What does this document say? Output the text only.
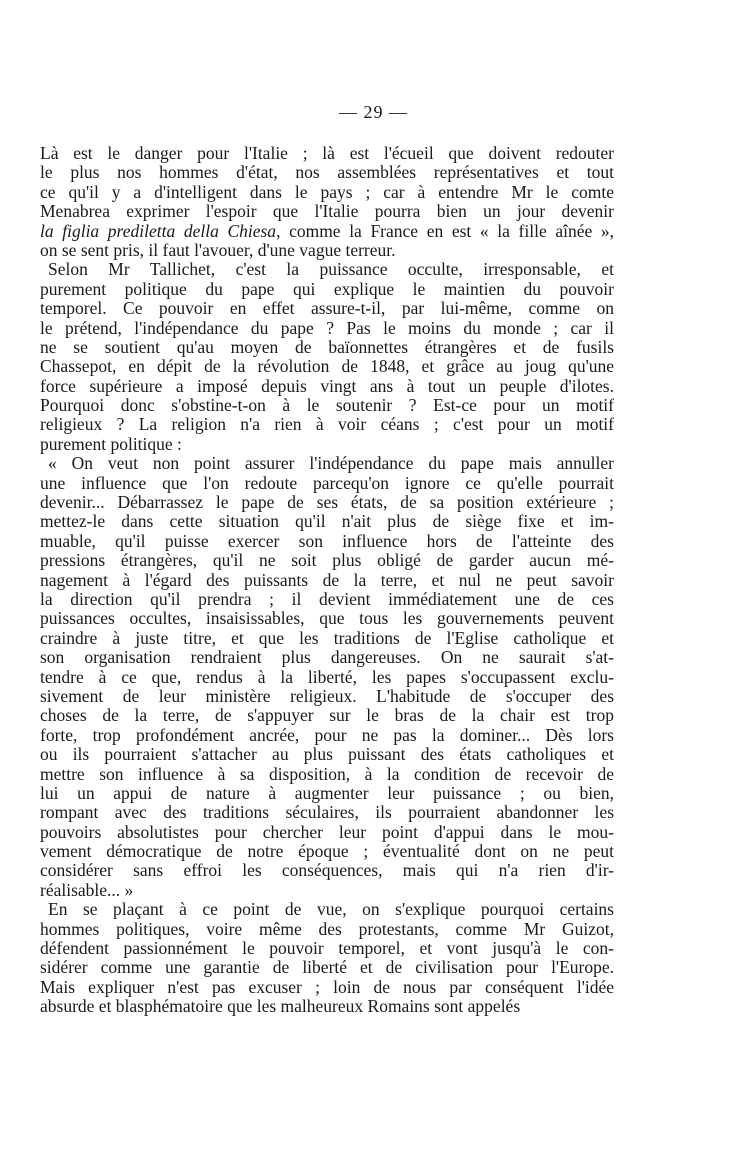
— 29 —
Là est le danger pour l'Italie ; là est l'écueil que doivent redouter
le plus nos hommes d'état, nos assemblées représentatives et tout
ce qu'il y a d'intelligent dans le pays ; car à entendre Mr le comte
Menabrea exprimer l'espoir que l'Italie pourra bien un jour devenir
la figlia prediletta della Chiesa, comme la France en est « la fille aînée »,
on se sent pris, il faut l'avouer, d'une vague terreur.
Selon Mr Tallichet, c'est la puissance occulte, irresponsable, et
purement politique du pape qui explique le maintien du pouvoir
temporel. Ce pouvoir en effet assure-t-il, par lui-même, comme on
le prétend, l'indépendance du pape ? Pas le moins du monde ; car il
ne se soutient qu'au moyen de baïonnettes étrangères et de fusils
Chassepot, en dépit de la révolution de 1848, et grâce au joug qu'une
force supérieure a imposé depuis vingt ans à tout un peuple d'ilotes.
Pourquoi donc s'obstine-t-on à le soutenir ? Est-ce pour un motif
religieux ? La religion n'a rien à voir céans ; c'est pour un motif
purement politique :
« On veut non point assurer l'indépendance du pape mais annuller
une influence que l'on redoute parcequ'on ignore ce qu'elle pourrait
devenir... Débarrassez le pape de ses états, de sa position extérieure ;
mettez-le dans cette situation qu'il n'ait plus de siège fixe et im-
muable, qu'il puisse exercer son influence hors de l'atteinte des
pressions étrangères, qu'il ne soit plus obligé de garder aucun mé-
nagement à l'égard des puissants de la terre, et nul ne peut savoir
la direction qu'il prendra ; il devient immédiatement une de ces
puissances occultes, insaisissables, que tous les gouvernements peuvent
craindre à juste titre, et que les traditions de l'Eglise catholique et
son organisation rendraient plus dangereuses. On ne saurait s'at-
tendre à ce que, rendus à la liberté, les papes s'occupassent exclu-
sivement de leur ministère religieux. L'habitude de s'occuper des
choses de la terre, de s'appuyer sur le bras de la chair est trop
forte, trop profondément ancrée, pour ne pas la dominer... Dès lors
ou ils pourraient s'attacher au plus puissant des états catholiques et
mettre son influence à sa disposition, à la condition de recevoir de
lui un appui de nature à augmenter leur puissance ; ou bien,
rompant avec des traditions séculaires, ils pourraient abandonner les
pouvoirs absolutistes pour chercher leur point d'appui dans le mou-
vement démocratique de notre époque ; éventualité dont on ne peut
considérer sans effroi les conséquences, mais qui n'a rien d'ir-
réalisable... »
En se plaçant à ce point de vue, on s'explique pourquoi certains
hommes politiques, voire même des protestants, comme Mr Guizot,
défendent passionnément le pouvoir temporel, et vont jusqu'à le con-
sidérer comme une garantie de liberté et de civilisation pour l'Europe.
Mais expliquer n'est pas excuser ; loin de nous par conséquent l'idée
absurde et blasphématoire que les malheureux Romains sont appelés
